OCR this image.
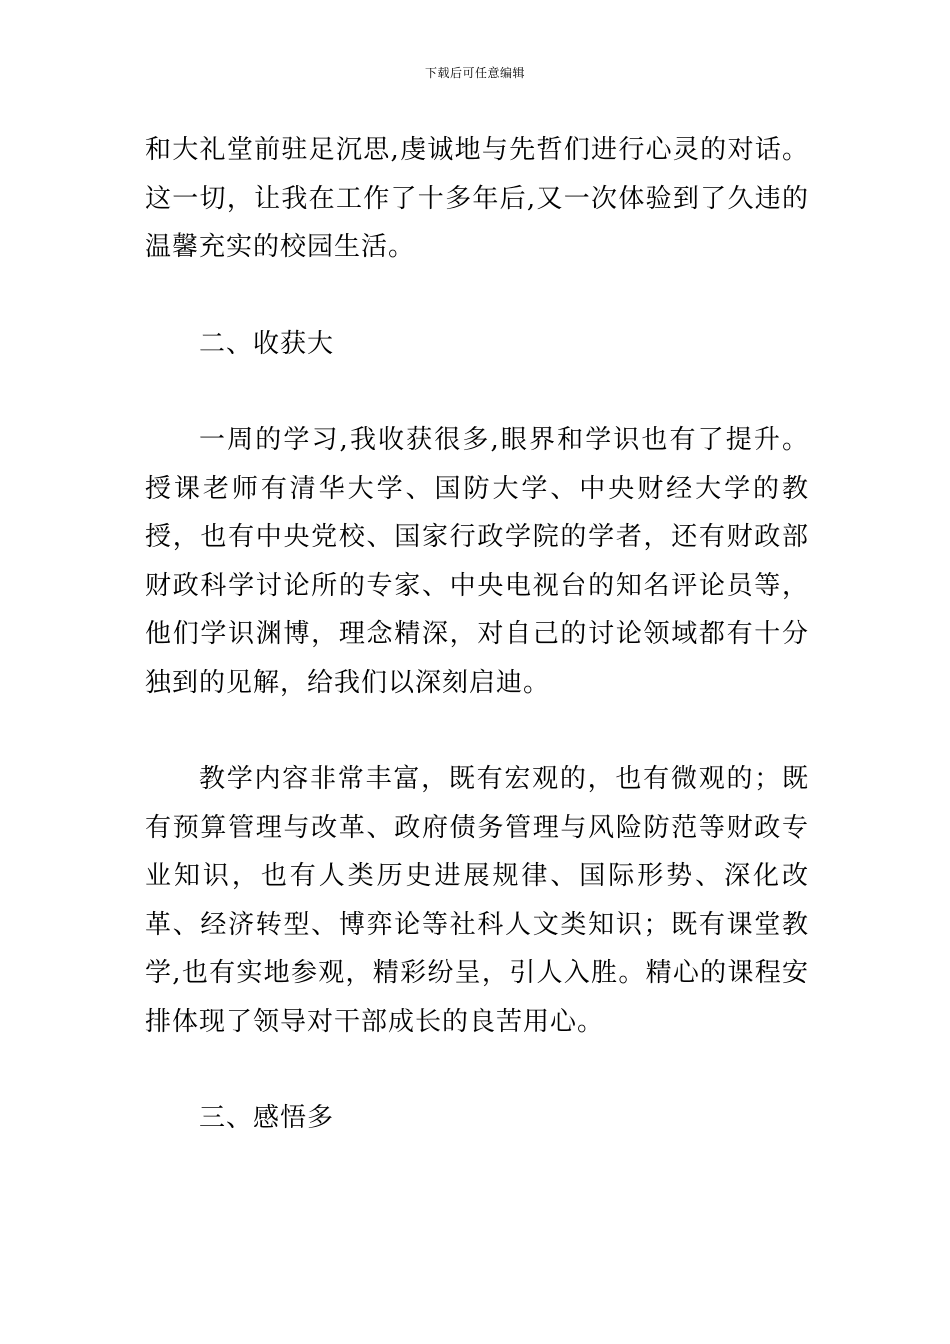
下载后可任意编辑

和大礼堂前驻足沉思,虔诚地与先哲们进行心灵的对话。这一切，让我在工作了十多年后,又一次体验到了久违的温馨充实的校园生活。

二、收获大

一周的学习,我收获很多,眼界和学识也有了提升。授课老师有清华大学、国防大学、中央财经大学的教授，也有中央党校、国家行政学院的学者，还有财政部财政科学讨论所的专家、中央电视台的知名评论员等，他们学识渊博，理念精深，对自己的讨论领域都有十分独到的见解，给我们以深刻启迪。

教学内容非常丰富，既有宏观的，也有微观的；既有预算管理与改革、政府债务管理与风险防范等财政专业知识，也有人类历史进展规律、国际形势、深化改革、经济转型、博弈论等社科人文类知识；既有课堂教学,也有实地参观，精彩纷呈，引人入胜。精心的课程安排体现了领导对干部成长的良苦用心。

三、感悟多
